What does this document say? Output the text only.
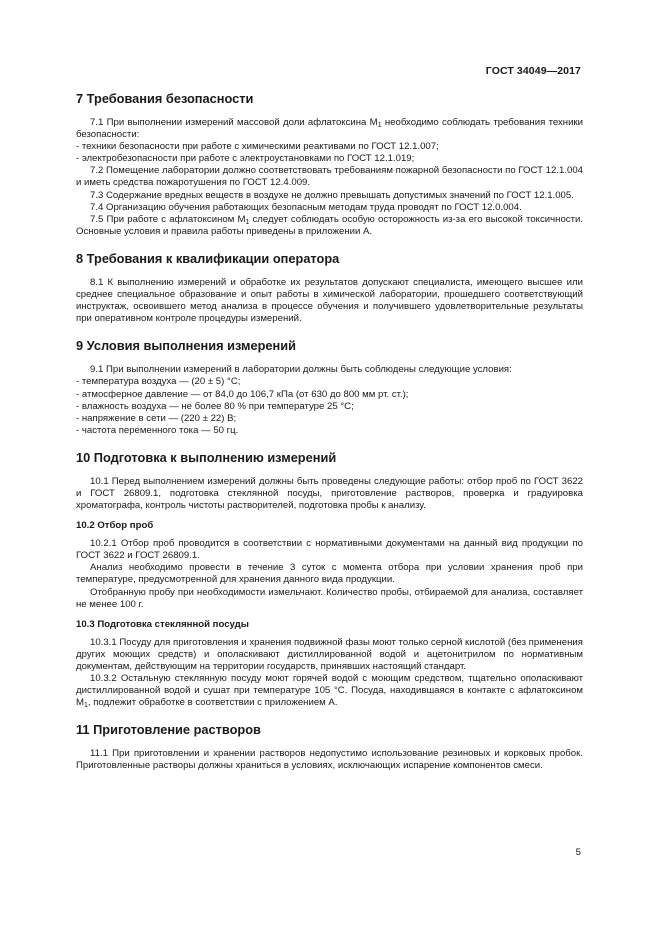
ГОСТ 34049—2017
7 Требования безопасности

7.1 При выполнении измерений массовой доли афлатоксина $М_1$ необходимо соблюдать требования техники безопасности:

- техники безопасности при работе с химическими реактивами по ГОСТ 12.1.007;

- электробезопасности при работе с электроустановками по ГОСТ 12.1.019;

7.2 Помещение лаборатории должно соответствовать требованиям пожарной безопасности по ГОСТ 12.1.004 и иметь средства пожаротушения по ГОСТ 12.4.009.

7.3 Содержание вредных веществ в воздухе не должно превышать допустимых значений по ГОСТ 12.1.005.

7.4 Организацию обучения работающих безопасным методам труда проводят по ГОСТ 12.0.004.

7.5 При работе с афлатоксином $М_1$ следует соблюдать особую осторожность из-за его высокой токсичности. Основные условия и правила работы приведены в приложении А.

8 Требования к квалификации оператора

8.1 К выполнению измерений и обработке их результатов допускают специалиста, имеющего высшее или среднее специальное образование и опыт работы в химической лаборатории, прошедшего соответствующий инструктаж, освоившего метод анализа в процессе обучения и получившего удовлетворительные результаты при оперативном контроле процедуры измерений.

9 Условия выполнения измерений

9.1 При выполнении измерений в лаборатории должны быть соблюдены следующие условия:

- температура воздуха — (20 ± 5) °С;

- атмосферное давление — от 84,0 до 106,7 кПа (от 630 до 800 мм рт. ст.);

- влажность воздуха — не более 80 % при температуре 25 °С;

- напряжение в сети — (220 ± 22) В;

- частота переменного тока — 50 гц.

10 Подготовка к выполнению измерений

10.1 Перед выполнением измерений должны быть проведены следующие работы: отбор проб по ГОСТ 3622 и ГОСТ 26809.1, подготовка стеклянной посуды, приготовление растворов, проверка и градуировка хроматографа, контроль чистоты растворителей, подготовка пробы к анализу.

10.2 Отбор проб

10.2.1 Отбор проб проводится в соответствии с нормативными документами на данный вид продукции по ГОСТ 3622 и ГОСТ 26809.1.

Анализ необходимо провести в течение 3 суток с момента отбора при условии хранения проб при температуре, предусмотренной для хранения данного вида продукции.

Отобранную пробу при необходимости измельчают. Количество пробы, отбираемой для анализа, составляет не менее 100 г.

10.3 Подготовка стеклянной посуды

10.3.1 Посуду для приготовления и хранения подвижной фазы моют только серной кислотой (без применения других моющих средств) и ополаскивают дистиллированной водой и ацетонитрилом по нормативным документам, действующим на территории государств, принявших настоящий стандарт.

10.3.2 Остальную стеклянную посуду моют горячей водой с моющим средством, тщательно ополаскивают дистиллированной водой и сушат при температуре 105 °С. Посуда, находившаяся в контакте с афлатоксином $М_1$, подлежит обработке в соответствии с приложением А.

11 Приготовление растворов

11.1 При приготовлении и хранении растворов недопустимо использование резиновых и корковых пробок. Приготовленные растворы должны храниться в условиях, исключающих испарение компонентов смеси.

5
